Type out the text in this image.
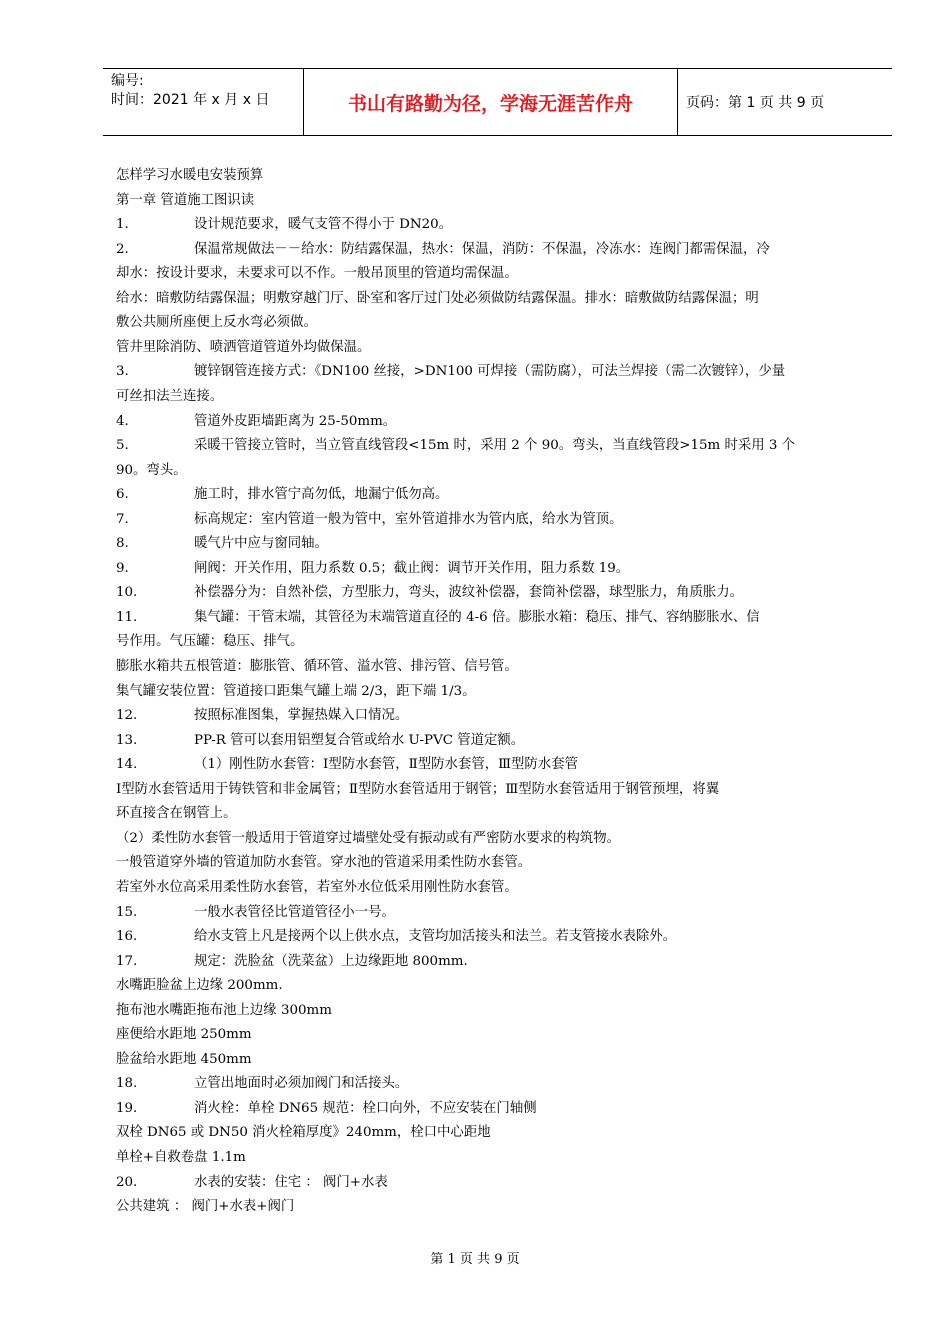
编号:
时间：2021 年 x 月 x 日	书山有路勤为径，学海无涯苦作舟	页码：第 1 页 共 9 页
怎样学习水暖电安装预算
第一章 管道施工图识读
1.	设计规范要求，暖气支管不得小于 DN20。
2.	保温常规做法－－给水：防结露保温，热水：保温，消防：不保温，冷冻水：连阀门都需保温，冷
却水：按设计要求，未要求可以不作。一般吊顶里的管道均需保温。
给水：暗敷防结露保温；明敷穿越门厅、卧室和客厅过门处必须做防结露保温。排水：暗敷做防结露保温；明
敷公共厕所座便上反水弯必须做。
管井里除消防、喷洒管道管道外均做保温。
3.	镀锌钢管连接方式：《DN100 丝接，>DN100 可焊接（需防腐），可法兰焊接（需二次镀锌），少量
可丝扣法兰连接。
4.	管道外皮距墙距离为 25-50mm。
5.	采暖干管接立管时，当立管直线管段<15m 时，采用 2 个 90。弯头，当直线管段>15m 时采用 3 个
90。弯头。
6.	施工时，排水管宁高勿低，地漏宁低勿高。
7.	标高规定：室内管道一般为管中，室外管道排水为管内底，给水为管顶。
8.	暖气片中应与窗同轴。
9.	闸阀：开关作用，阻力系数 0.5；截止阀：调节开关作用，阻力系数 19。
10.	补偿器分为：自然补偿，方型胀力，弯头，波纹补偿器，套筒补偿器，球型胀力，角质胀力。
11.	集气罐：干管末端，其管径为末端管道直径的 4-6 倍。膨胀水箱：稳压、排气、容纳膨胀水、信
号作用。气压罐：稳压、排气。
膨胀水箱共五根管道：膨胀管、循环管、溢水管、排污管、信号管。
集气罐安装位置：管道接口距集气罐上端 2/3，距下端 1/3。
12.	按照标准图集，掌握热媒入口情况。
13.	PP-R 管可以套用铝塑复合管或给水 U-PVC 管道定额。
14.	（1）刚性防水套管：Ⅰ型防水套管，Ⅱ型防水套管，Ⅲ型防水套管
Ⅰ型防水套管适用于铸铁管和非金属管；Ⅱ型防水套管适用于钢管；Ⅲ型防水套管适用于钢管预埋，将翼
环直接含在钢管上。
（2）柔性防水套管一般适用于管道穿过墙壁处受有振动或有严密防水要求的构筑物。
一般管道穿外墙的管道加防水套管。穿水池的管道采用柔性防水套管。
若室外水位高采用柔性防水套管，若室外水位低采用刚性防水套管。
15.	一般水表管径比管道管径小一号。
16.	给水支管上凡是接两个以上供水点，支管均加活接头和法兰。若支管接水表除外。
17.	规定：洗脸盆（洗菜盆）上边缘距地 800mm.
水嘴距脸盆上边缘 200mm.
拖布池水嘴距拖布池上边缘 300mm
座便给水距地 250mm
脸盆给水距地 450mm
18.	立管出地面时必须加阀门和活接头。
19.	消火栓：单栓 DN65 规范：栓口向外，不应安装在门轴侧
双栓 DN65 或 DN50 消火栓箱厚度》240mm，栓口中心距地
单栓+自救卷盘 1.1m
20.	水表的安装：住宅 ： 阀门+水表
公共建筑 ： 阀门+水表+阀门
第 1 页 共 9 页
